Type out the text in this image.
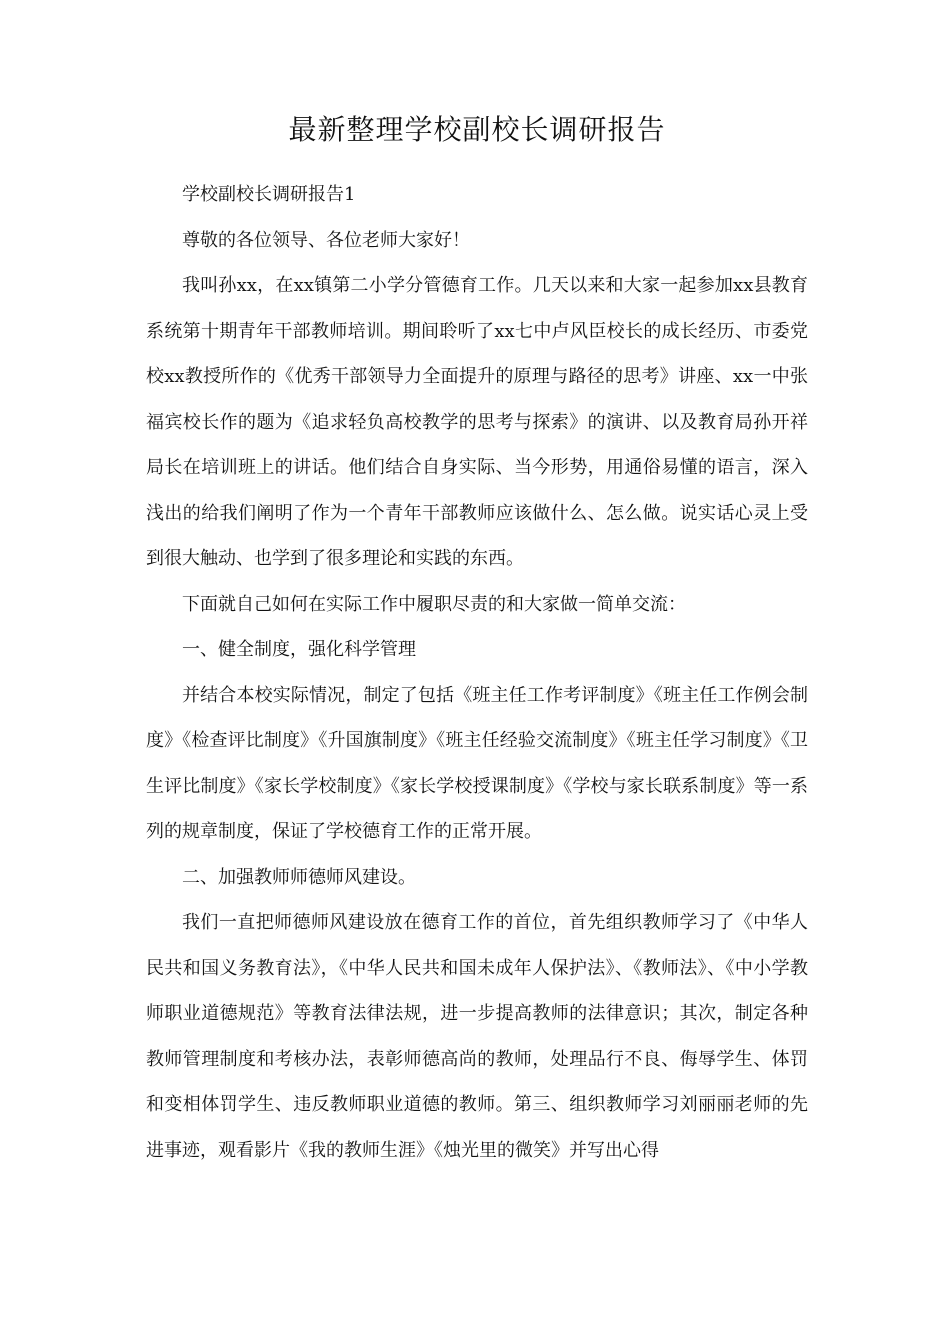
最新整理学校副校长调研报告

学校副校长调研报告1

尊敬的各位领导、各位老师大家好！

我叫孙xx，在xx镇第二小学分管德育工作。几天以来和大家一起参加xx县教育系统第十期青年干部教师培训。期间聆听了xx七中卢风臣校长的成长经历、市委党校xx教授所作的《优秀干部领导力全面提升的原理与路径的思考》讲座、xx一中张福宾校长作的题为《追求轻负高校教学的思考与探索》的演讲、以及教育局孙开祥局长在培训班上的讲话。他们结合自身实际、当今形势，用通俗易懂的语言，深入浅出的给我们阐明了作为一个青年干部教师应该做什么、怎么做。说实话心灵上受到很大触动、也学到了很多理论和实践的东西。

下面就自己如何在实际工作中履职尽责的和大家做一简单交流：

一、健全制度，强化科学管理

并结合本校实际情况，制定了包括《班主任工作考评制度》《班主任工作例会制度》《检查评比制度》《升国旗制度》《班主任经验交流制度》《班主任学习制度》《卫生评比制度》《家长学校制度》《家长学校授课制度》《学校与家长联系制度》等一系列的规章制度，保证了学校德育工作的正常开展。

二、加强教师师德师风建设。

我们一直把师德师风建设放在德育工作的首位，首先组织教师学习了《中华人民共和国义务教育法》，《中华人民共和国未成年人保护法》、《教师法》、《中小学教师职业道德规范》等教育法律法规，进一步提高教师的法律意识；其次，制定各种教师管理制度和考核办法，表彰师德高尚的教师，处理品行不良、侮辱学生、体罚和变相体罚学生、违反教师职业道德的教师。第三、组织教师学习刘丽丽老师的先进事迹，观看影片《我的教师生涯》《烛光里的微笑》并写出心得
